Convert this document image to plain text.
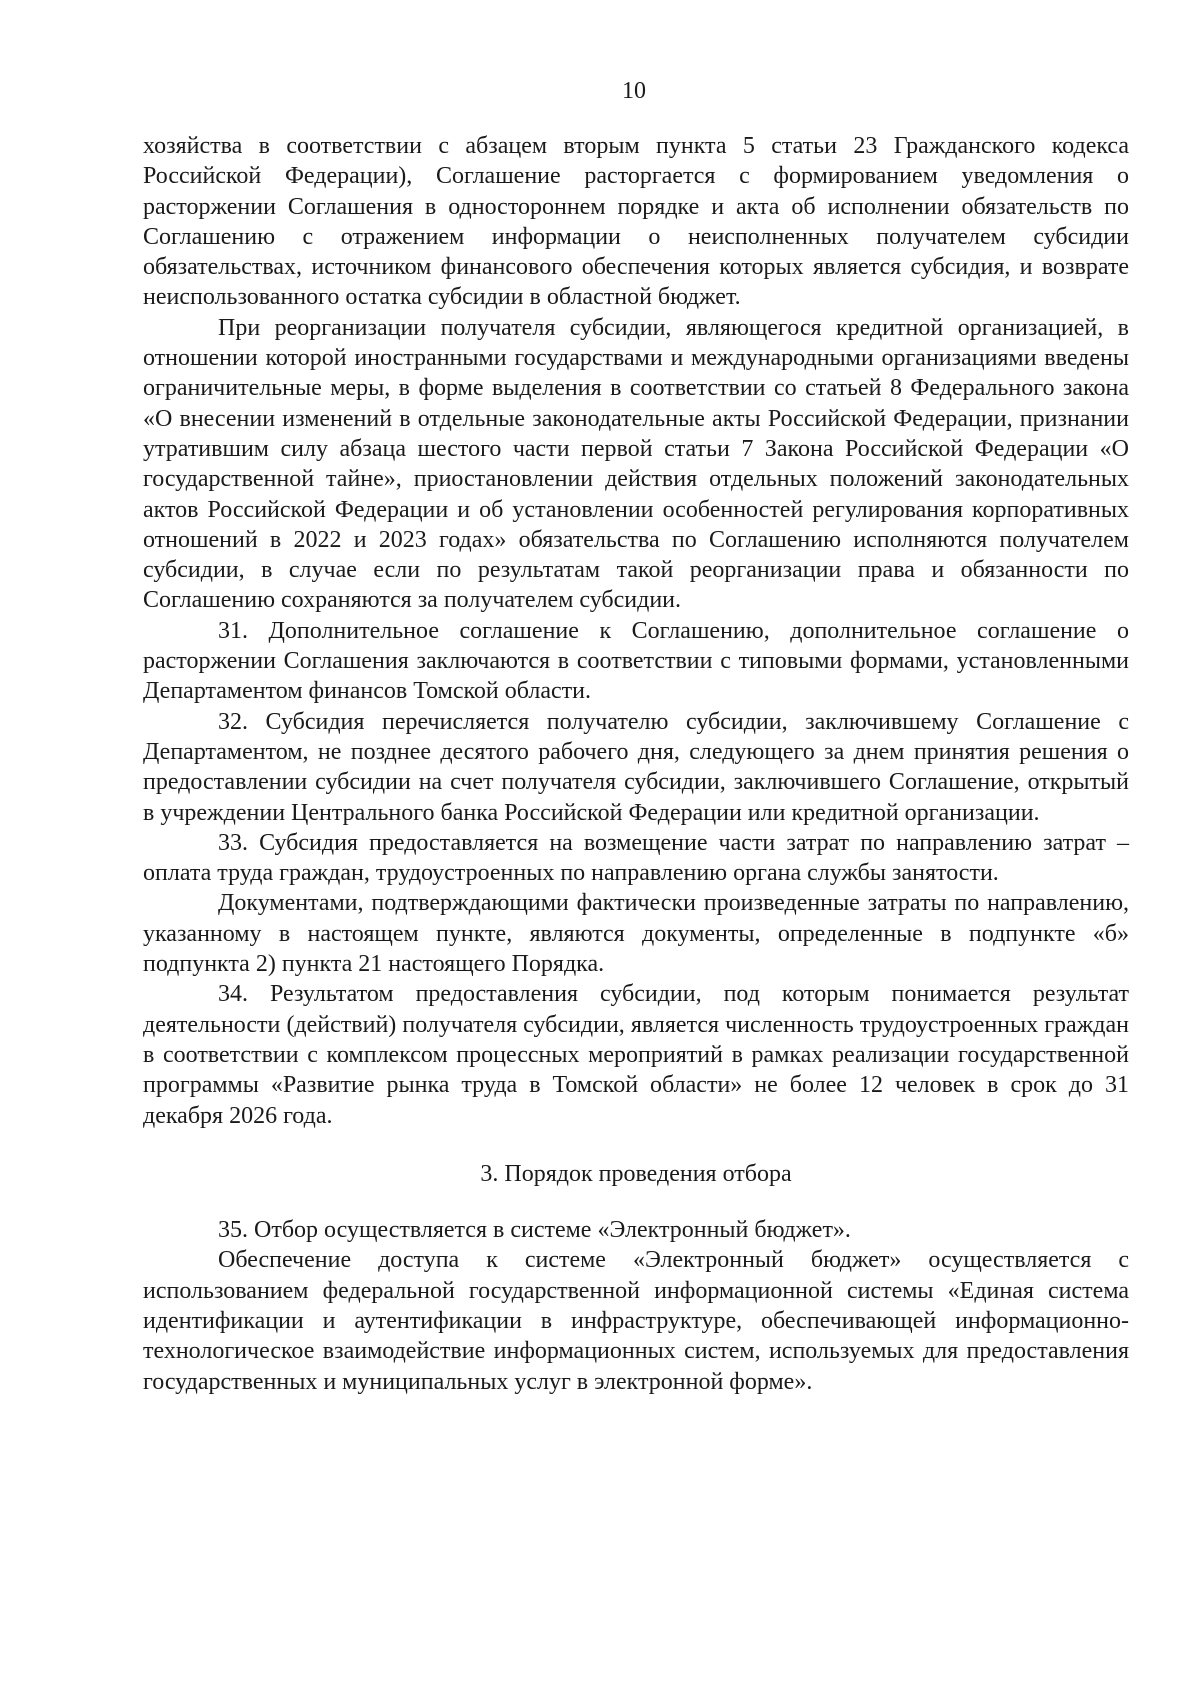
10

хозяйства в соответствии с абзацем вторым пункта 5 статьи 23 Гражданского кодекса Российской Федерации), Соглашение расторгается с формированием уведомления о расторжении Соглашения в одностороннем порядке и акта об исполнении обязательств по Соглашению с отражением информации о неисполненных получателем субсидии обязательствах, источником финансового обеспечения которых является субсидия, и возврате неиспользованного остатка субсидии в областной бюджет.

При реорганизации получателя субсидии, являющегося кредитной организацией, в отношении которой иностранными государствами и международными организациями введены ограничительные меры, в форме выделения в соответствии со статьей 8 Федерального закона «О внесении изменений в отдельные законодательные акты Российской Федерации, признании утратившим силу абзаца шестого части первой статьи 7 Закона Российской Федерации «О государственной тайне», приостановлении действия отдельных положений законодательных актов Российской Федерации и об установлении особенностей регулирования корпоративных отношений в 2022 и 2023 годах» обязательства по Соглашению исполняются получателем субсидии, в случае если по результатам такой реорганизации права и обязанности по Соглашению сохраняются за получателем субсидии.

31. Дополнительное соглашение к Соглашению, дополнительное соглашение о расторжении Соглашения заключаются в соответствии с типовыми формами, установленными Департаментом финансов Томской области.

32. Субсидия перечисляется получателю субсидии, заключившему Соглашение с Департаментом, не позднее десятого рабочего дня, следующего за днем принятия решения о предоставлении субсидии на счет получателя субсидии, заключившего Соглашение, открытый в учреждении Центрального банка Российской Федерации или кредитной организации.

33. Субсидия предоставляется на возмещение части затрат по направлению затрат – оплата труда граждан, трудоустроенных по направлению органа службы занятости.

Документами, подтверждающими фактически произведенные затраты по направлению, указанному в настоящем пункте, являются документы, определенные в подпункте «б» подпункта 2) пункта 21 настоящего Порядка.

34. Результатом предоставления субсидии, под которым понимается результат деятельности (действий) получателя субсидии, является численность трудоустроенных граждан в соответствии с комплексом процессных мероприятий в рамках реализации государственной программы «Развитие рынка труда в Томской области» не более 12 человек в срок до 31 декабря 2026 года.

3. Порядок проведения отбора

35. Отбор осуществляется в системе «Электронный бюджет».

Обеспечение доступа к системе «Электронный бюджет» осуществляется с использованием федеральной государственной информационной системы «Единая система идентификации и аутентификации в инфраструктуре, обеспечивающей информационно-технологическое взаимодействие информационных систем, используемых для предоставления государственных и муниципальных услуг в электронной форме».
